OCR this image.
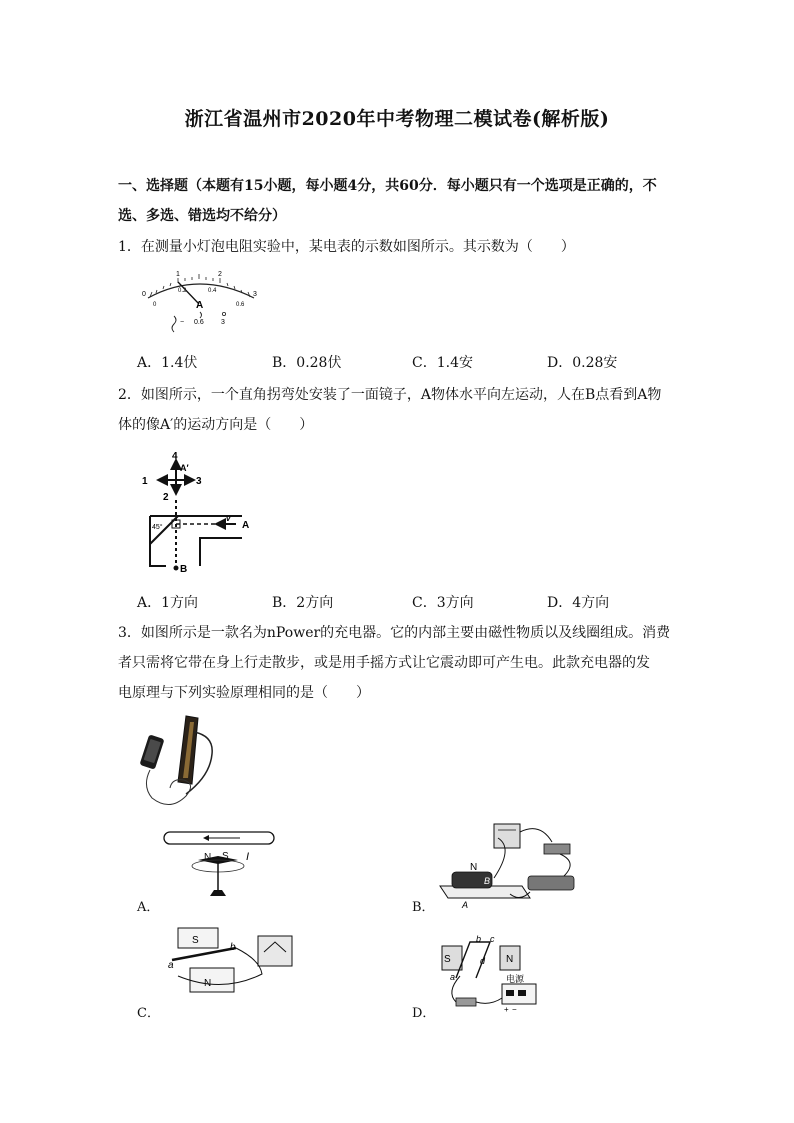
浙江省温州市2020年中考物理二模试卷(解析版)
一、选择题（本题有15小题，每小题4分，共60分．每小题只有一个选项是正确的，不
选、多选、错选均不给分）
1．在测量小灯泡电阻实验中，某电表的示数如图所示。其示数为（　　）
0
1	2
3
0
0.2	0.4
0.6
A
− 0.6 3
A．1.4伏	B．0.28伏	C．1.4安	D．0.28安
2．如图所示，一个直角拐弯处安装了一面镜子，A物体水平向左运动，人在B点看到A物
体的像A′的运动方向是（　　）
4
A′
1	3
2
45°
v
A
B
A．1方向	B．2方向	C．3方向	D．4方向
3．如图所示是一款名为nPower的充电器。它的内部主要由磁性物质以及线圈组成。消费
者只需将它带在身上行走散步，或是用手摇方式让它震动即可产生电。此款充电器的发
电原理与下列实验原理相同的是（　　）
I
N S
A．
N
B
A
B．
S
a
b
N
C．
S	N
a
b c
d
电源
+ −
D．
